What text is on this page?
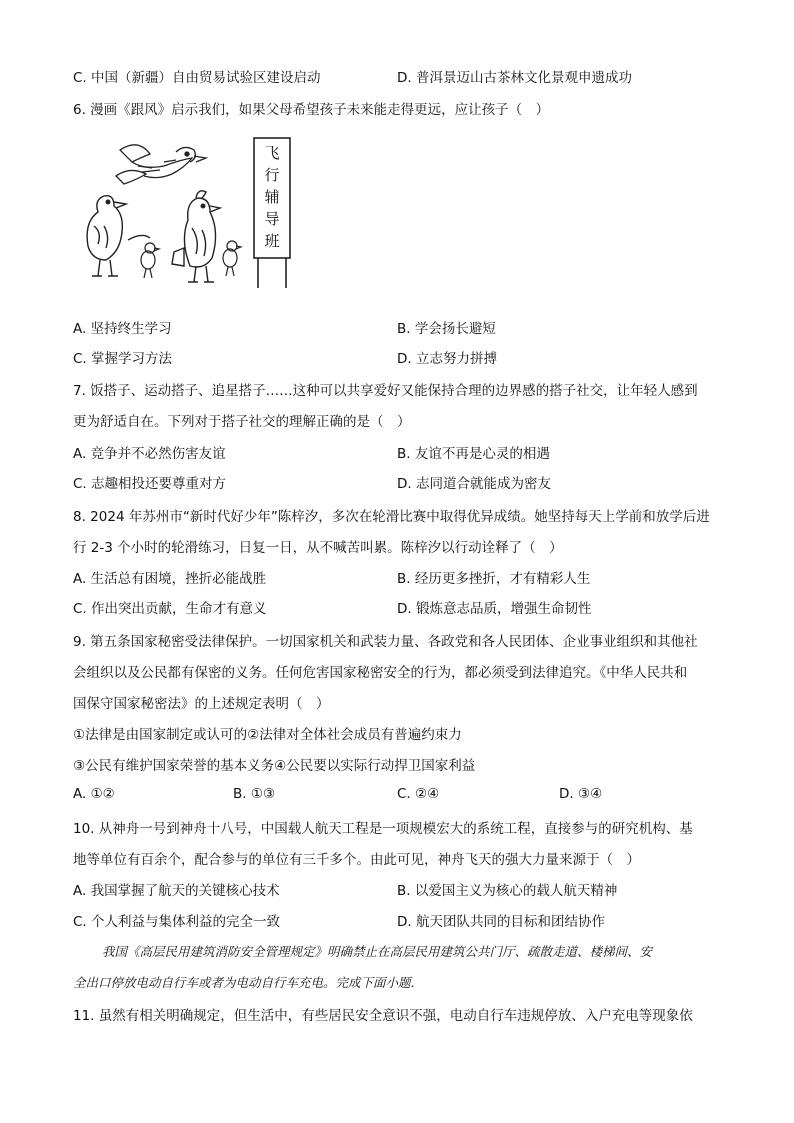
C. 中国（新疆）自由贸易试验区建设启动	D. 普洱景迈山古茶林文化景观申遗成功
6. 漫画《跟风》启示我们，如果父母希望孩子未来能走得更远，应让孩子（　）
飞
行
辅
导
班
A. 坚持终生学习	B. 学会扬长避短
C. 掌握学习方法	D. 立志努力拼搏
7. 饭搭子、运动搭子、追星搭子……这种可以共享爱好又能保持合理的边界感的搭子社交，让年轻人感到
更为舒适自在。下列对于搭子社交的理解正确的是（　）
A. 竞争并不必然伤害友谊	B. 友谊不再是心灵的相遇
C. 志趣相投还要尊重对方	D. 志同道合就能成为密友
8. 2024 年苏州市“新时代好少年”陈梓汐，多次在轮滑比赛中取得优异成绩。她坚持每天上学前和放学后进
行 2-3 个小时的轮滑练习，日复一日，从不喊苦叫累。陈梓汐以行动诠释了（　）
A. 生活总有困境，挫折必能战胜	B. 经历更多挫折，才有精彩人生
C. 作出突出贡献，生命才有意义	D. 锻炼意志品质，增强生命韧性
9. 第五条国家秘密受法律保护。一切国家机关和武装力量、各政党和各人民团体、企业事业组织和其他社
会组织以及公民都有保密的义务。任何危害国家秘密安全的行为，都必须受到法律追究。《中华人民共和
国保守国家秘密法》的上述规定表明（　）
①法律是由国家制定或认可的②法律对全体社会成员有普遍约束力
③公民有维护国家荣誉的基本义务④公民要以实际行动捍卫国家利益
A. ①②	B. ①③	C. ②④	D. ③④
10. 从神舟一号到神舟十八号，中国载人航天工程是一项规模宏大的系统工程，直接参与的研究机构、基
地等单位有百余个，配合参与的单位有三千多个。由此可见，神舟飞天的强大力量来源于（　）
A. 我国掌握了航天的关键核心技术	B. 以爱国主义为核心的载人航天精神
C. 个人利益与集体利益的完全一致	D. 航天团队共同的目标和团结协作
我国《高层民用建筑消防安全管理规定》明确禁止在高层民用建筑公共门厅、疏散走道、楼梯间、安
全出口停放电动自行车或者为电动自行车充电。完成下面小题.
11. 虽然有相关明确规定，但生活中，有些居民安全意识不强，电动自行车违规停放、入户充电等现象依
